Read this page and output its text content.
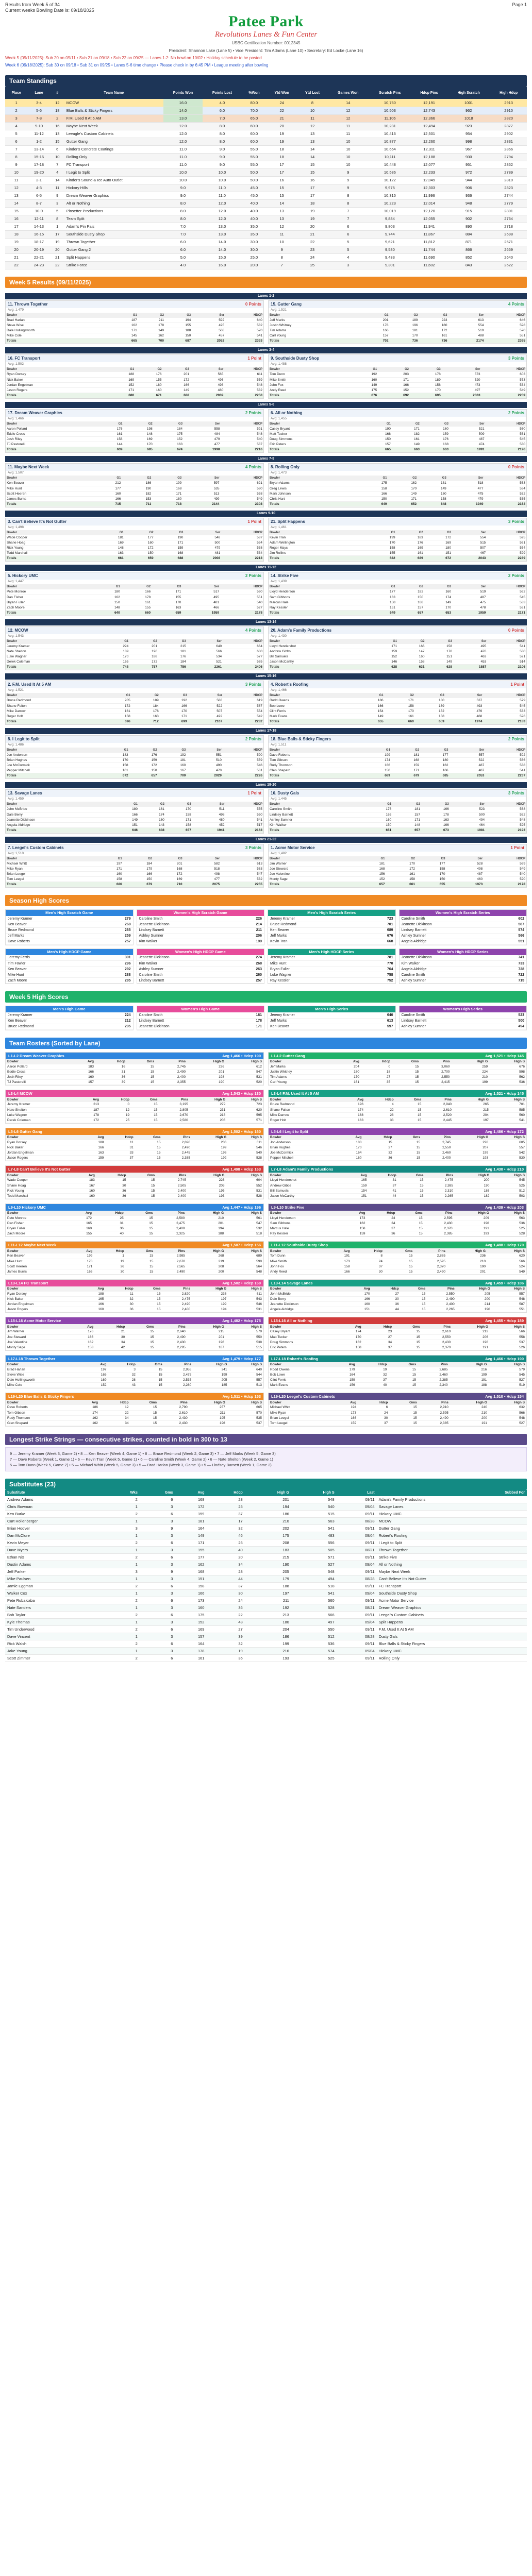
Results from Week 5 of 34
Current weeks Bowling Date is: 09/18/2025
Page 1
Patee Park
Revolutions Lanes & Fun Center
USBC Certification Number: 0012345
President: Shannon Lake (Lane 5) • Vice President: Tim Adams (Lane 10) • Secretary: Ed Locke (Lane 16)
Week 5 (09/11/2025): Sub 20 on 09/11 • Sub 21 on 09/18 • Sub 22 on 09/25 — Lanes 1-2: No bowl on 10/02 • Holiday schedule to be posted
Week 6 (09/18/2025): Sub 30 on 09/18 • Sub 31 on 09/25 • Lanes 5-6 time change • Please check in by 6:45 PM • League meeting after bowling
Team Standings
Place	Lane	#	Team Name	Points Won	Points Lost	%Won	Ytd Won	Ytd Lost	Games Won	Scratch Pins	Hdcp Pins	High Scratch	High Hdcp
1	3-4	12	MCOW	16.0	4.0	80.0	24	8	14	10,760	12,191	1001	2913
2	5-6	18	Blue Balls & Sticky Fingers	14.0	6.0	70.0	22	10	12	10,503	12,743	962	2910
3	7-8	2	F.M. Used It At 5 AM	13.0	7.0	65.0	21	11	12	11,106	12,366	1018	2820
4	9-10	16	Maybe Next Week	12.0	8.0	60.0	20	12	11	10,231	12,494	923	2877
5	11-12	13	Leeagle's Custom Cabinets	12.0	8.0	60.0	19	13	11	10,416	12,501	954	2902
6	1-2	15	Gutter Gang	12.0	8.0	60.0	19	13	10	10,877	12,260	998	2831
7	13-14	6	Kinder's Concrete Coatings	11.0	9.0	55.0	18	14	10	10,654	12,311	967	2866
8	15-16	10	Rolling Only	11.0	9.0	55.0	18	14	10	10,111	12,188	930	2794
9	17-18	7	FC Transport	11.0	9.0	55.0	17	15	10	10,448	12,077	951	2852
10	19-20	4	I Legit to Split	10.0	10.0	50.0	17	15	9	10,586	12,233	972	2789
11	2-1	14	Kinder's Sound & Ice Auto Outlet	10.0	10.0	50.0	16	16	9	10,122	12,049	944	2810
12	4-3	11	Hickory Hills	9.0	11.0	45.0	15	17	9	9,975	12,303	906	2823
13	6-5	9	Dream Weaver Graphics	9.0	11.0	45.0	15	17	8	10,315	11,996	936	2744
14	8-7	3	Alt or Nothing	8.0	12.0	40.0	14	18	8	10,223	12,014	948	2779
15	10-9	5	Pinsetter Productions	8.0	12.0	40.0	13	19	7	10,019	12,120	915	2801
16	12-11	8	Team Split	8.0	12.0	40.0	13	19	7	9,884	12,055	902	2764
17	14-13	1	Adam's Pin Pals	7.0	13.0	35.0	12	20	6	9,803	11,941	890	2718
18	16-15	17	Southside Dusty Shop	7.0	13.0	35.0	11	21	6	9,744	11,867	884	2698
19	18-17	19	Thrown Together	6.0	14.0	30.0	10	22	5	9,621	11,812	871	2671
20	20-19	20	Gutter Gang 2	6.0	14.0	30.0	9	23	5	9,580	11,744	866	2659
21	22-21	21	Split Happens	5.0	15.0	25.0	8	24	4	9,433	11,690	852	2640
22	24-23	22	Strike Force	4.0	16.0	20.0	7	25	3	9,301	11,602	843	2622
Week 5 Results (09/11/2025)
Lanes 1-2
11. Thrown Together	0 Points
Avg: 1,479
Bowler	G1	G2	G3	Ser	HDCP
Brad Harlan	187	211	194	592	640
Steve Wise	162	178	155	495	582
Dale Hollingsworth	171	149	188	508	570
Mike Cole	145	162	150	457	541
Totals	665	700	687	2052	2333
15. Gutter Gang	4 Points
Avg: 1,521
Bowler	G1	G2	G3	Ser	HDCP
Jeff Marks	201	189	223	613	646
Justin Whitney	178	196	180	554	598
Tim Adams	166	181	172	519	570
Carl Young	157	170	161	488	551
Totals	702	736	736	2174	2365
Lanes 3-4
16. FC Transport	1 Point
Avg: 1,502
Bowler	G1	G2	G3	Ser	HDCP
Ryan Dorsey	188	176	201	565	611
Nick Baker	169	155	172	496	559
Jordan Engelman	152	180	166	498	548
Jason Rogers	171	160	149	480	532
Totals	680	671	688	2039	2250
9. Southside Dusty Shop	3 Points
Avg: 1,488
Bowler	G1	G2	G3	Ser	HDCP
Tom Dunn	192	203	178	573	603
Mike Smith	160	171	189	520	573
John Fox	149	166	158	473	534
Andy Reed	175	152	170	497	549
Totals	676	692	695	2063	2259
Lanes 5-6
17. Dream Weaver Graphics	2 Points
Avg: 1,466
Bowler	G1	G2	G3	Ser	HDCP
Aaron Pollard	176	198	184	558	591
Eddie Cross	161	148	175	484	548
Josh Riley	158	169	152	479	540
TJ Pastorelli	144	170	163	477	537
Totals	639	685	674	1998	2216
6. All or Nothing	2 Points
Avg: 1,455
Bowler	G1	G2	G3	Ser	HDCP
Casey Bryant	190	171	160	521	560
Matt Tucker	168	182	159	509	561
Doug Simmons	150	161	176	487	545
Eric Peters	157	149	168	474	530
Totals	665	663	663	1991	2196
Lanes 7-8
11. Maybe Next Week	4 Points
Avg: 1,507
Bowler	G1	G2	G3	Ser	HDCP
Ken Beaver	212	186	199	597	621
Mike Hunt	177	190	168	535	580
Scott Heeren	160	182	171	513	558
James Burns	166	153	180	499	549
Totals	715	711	718	2144	2308
8. Rolling Only	0 Points
Avg: 1,473
Bowler	G1	G2	G3	Ser	HDCP
Bryan Adams	175	162	181	518	563
Greg Lewis	158	170	149	477	534
Mark Johnson	166	149	160	475	532
Chris Hart	150	171	158	479	535
Totals	649	652	648	1949	2164
Lanes 9-10
3. Can't Believe It's Not Gutter	1 Point
Avg: 1,498
Bowler	G1	G2	G3	Ser	HDCP
Wade Cooper	181	177	190	548	587
Shane Hoag	169	160	171	500	554
Rick Young	148	172	159	479	538
Todd Marshall	163	150	168	481	534
Totals	661	659	688	2008	2213
21. Split Happens	3 Points
Avg: 1,461
Bowler	G1	G2	G3	Ser	HDCP
Kevin Tran	199	183	172	554	595
Adam Wellington	170	176	169	515	561
Roger Mays	158	169	180	507	554
Jim Rollins	155	161	151	467	529
Totals	682	689	672	2043	2239
Lanes 11-12
5. Hickory UMC	2 Points
Avg: 1,447
Bowler	G1	G2	G3	Ser	HDCP
Pete Monroe	180	166	171	517	560
Dan Fisher	162	178	155	495	551
Bryan Fuller	150	161	170	481	540
Zach Moore	148	155	163	466	527
Totals	640	660	659	1959	2178
14. Strike Five	2 Points
Avg: 1,439
Bowler	G1	G2	G3	Ser	HDCP
Lloyd Henderson	177	182	160	519	562
Sam Gibbons	163	150	174	487	545
Marcus Hale	158	168	149	475	533
Ray Kessler	151	157	170	478	531
Totals	649	657	653	1959	2171
Lanes 13-14
12. MCOW	4 Points
Avg: 1,543
Bowler	G1	G2	G3	Ser	HDCP
Jeremy Kramer	224	201	215	640	664
Nate Shelton	189	196	181	566	600
Luke Wagner	170	188	176	534	577
Derek Coleman	165	172	184	521	565
Totals	748	757	756	2261	2406
20. Adam's Family Productions	0 Points
Avg: 1,430
Bowler	G1	G2	G3	Ser	HDCP
Lloyd Hendershot	171	166	158	495	541
Andrew Gibbs	159	147	170	476	530
Bill Samuels	152	160	151	463	521
Jason McCarthy	146	158	149	453	514
Totals	628	631	628	1887	2106
Lanes 15-16
2. F.M. Used It At 5 AM	3 Points
Avg: 1,521
Bowler	G1	G2	G3	Ser	HDCP
Bruce Redmond	205	189	192	586	619
Shane Fulton	172	184	166	522	567
Mike Darrow	161	176	170	507	554
Roger Holt	158	163	171	492	542
Totals	696	712	699	2107	2282
4. Robert's Roofing	1 Point
Avg: 1,466
Bowler	G1	G2	G3	Ser	HDCP
Rodd Owens	186	171	180	537	579
Bob Lowe	166	158	169	493	545
Clint Ferris	154	170	152	476	533
Mark Evans	149	161	158	468	526
Totals	655	660	659	1974	2183
Lanes 17-18
8. I Legit to Split	2 Points
Avg: 1,486
Bowler	G1	G2	G3	Ser	HDCP
Jon Anderson	183	176	192	551	590
Brian Hughes	170	159	181	510	559
Joe McCormick	158	172	160	490	546
Pepper Mitchell	161	150	167	478	531
Totals	672	657	700	2029	2226
18. Blue Balls & Sticky Fingers	2 Points
Avg: 1,511
Bowler	G1	G2	G3	Ser	HDCP
Dave Roberts	199	181	177	557	592
Tom Gibson	174	168	180	522	566
Rudy Thomson	166	159	162	487	538
Glen Shepard	150	171	166	487	541
Totals	689	679	685	2053	2237
Lanes 19-20
13. Savage Lanes	1 Point
Avg: 1,459
Bowler	G1	G2	G3	Ser	HDCP
John McBride	180	161	170	511	555
Dale Berry	166	174	158	498	550
Jeanette Dickinson	149	160	171	480	541
Angela Aldridge	151	143	158	452	517
Totals	646	638	657	1941	2163
10. Dusty Gals	3 Points
Avg: 1,445
Bowler	G1	G2	G3	Ser	HDCP
Caroline Smith	176	181	166	523	568
Lindsey Barnett	165	157	178	500	552
Ashley Sumner	160	171	163	494	548
Kim Walker	150	148	166	464	525
Totals	651	657	673	1981	2193
Lanes 21-22
7. Leegel's Custom Cabinets	3 Points
Avg: 1,510
Bowler	G1	G2	G3	Ser	HDCP
Michael Whitt	197	184	201	582	613
Mike Ryan	171	179	168	518	563
Brian Leegel	160	166	172	498	547
Tom Leegel	158	150	169	477	532
Totals	686	679	710	2075	2255
1. Acme Motor Service	1 Point
Avg: 1,482
Bowler	G1	G2	G3	Ser	HDCP
Jim Warner	181	170	177	528	569
Joe Steward	168	172	158	498	549
Joe Valentine	156	161	170	487	540
Monty Sage	152	158	150	460	520
Totals	657	661	655	1973	2178
Season High Scores
Men's High Scratch Game
Jeremy Kramer	279
Ken Beaver	268
Bruce Redmond	265
Jeff Marks	259
Dave Roberts	257
Women's High Scratch Game
Caroline Smith	226
Jeanette Dickinson	214
Lindsey Barnett	211
Ashley Sumner	206
Kim Walker	199
Men's High Scratch Series
Jeremy Kramer	723
Bruce Redmond	701
Ken Beaver	689
Jeff Marks	676
Kevin Tran	668
Women's High Scratch Series
Caroline Smith	602
Jeanette Dickinson	587
Lindsey Barnett	574
Ashley Sumner	566
Angela Aldridge	551
Men's High HDCP Game
Jeremy Ferris	301
Tim Fowler	296
Ken Beaver	292
Mike Hunt	288
Zach Moore	285
Women's High HDCP Game
Jeanette Dickinson	274
Kim Walker	268
Ashley Sumner	263
Caroline Smith	260
Lindsey Barnett	257
Men's High HDCP Series
Jeremy Kramer	781
Mike Hunt	770
Bryan Fuller	764
Luke Wagner	758
Ray Kessler	752
Women's High HDCP Series
Jeanette Dickinson	741
Kim Walker	733
Angela Aldridge	728
Caroline Smith	722
Ashley Sumner	715
Week 5 High Scores
Men's High Game
Jeremy Kramer	224
Ken Beaver	212
Bruce Redmond	205
Women's High Game
Caroline Smith	181
Lindsey Barnett	178
Jeanette Dickinson	171
Men's High Series
Jeremy Kramer	640
Jeff Marks	613
Ken Beaver	597
Women's High Series
Caroline Smith	523
Lindsey Barnett	500
Ashley Sumner	494
Team Rosters (Sorted by Lane)
L1-L2 Dream Weaver Graphics	Avg 1,466 • Hdcp 190
Bowler	Avg	Hdcp	Gms	Pins	High G	High S
Aaron Pollard	183	16	15	2,745	226	612
Eddie Cross	166	31	15	2,490	201	547
Josh Riley	160	36	15	2,400	198	531
TJ Pastorelli	157	39	15	2,355	190	520
L1-L2 Gutter Gang	Avg 1,521 • Hdcp 145
Bowler	Avg	Hdcp	Gms	Pins	High G	High S
Jeff Marks	204	0	15	3,060	259	676
Justin Whitney	180	18	15	2,700	224	598
Tim Adams	170	27	15	2,550	210	562
Carl Young	161	35	15	2,415	199	536
L3-L4 MCOW	Avg 1,543 • Hdcp 130
Bowler	Avg	Hdcp	Gms	Pins	High G	High S
Jeremy Kramer	213	0	15	3,195	279	723
Nate Shelton	187	12	15	2,805	231	620
Luke Wagner	178	19	15	2,670	218	595
Derek Coleman	172	25	15	2,580	206	571
L3-L4 F.M. Used It At 5 AM	Avg 1,521 • Hdcp 145
Bowler	Avg	Hdcp	Gms	Pins	High G	High S
Bruce Redmond	196	4	15	2,940	265	701
Shane Fulton	174	22	15	2,610	215	585
Mike Darrow	168	28	15	2,520	204	560
Roger Holt	163	33	15	2,445	197	541
L5-L6 Gutter Gang	Avg 1,502 • Hdcp 160
Bowler	Avg	Hdcp	Gms	Pins	High G	High S
Ryan Dorsey	188	11	15	2,820	236	611
Nick Baker	166	31	15	2,490	199	546
Jordan Engelman	163	33	15	2,445	196	540
Jason Rogers	159	37	15	2,385	192	528
L5-L6 I Legit to Split	Avg 1,486 • Hdcp 172
Bowler	Avg	Hdcp	Gms	Pins	High G	High S
Jon Anderson	183	15	15	2,745	228	605
Brian Hughes	170	27	15	2,550	207	557
Joe McCormick	164	32	15	2,460	199	542
Pepper Mitchell	160	36	15	2,400	193	530
L7-L8 Can't Believe It's Not Gutter	Avg 1,498 • Hdcp 163
Bowler	Avg	Hdcp	Gms	Pins	High G	High S
Wade Cooper	183	15	15	2,745	226	604
Shane Hoag	167	30	15	2,505	203	552
Rick Young	160	36	15	2,400	195	531
Todd Marshall	160	36	15	2,400	193	528
L7-L8 Adam's Family Productions	Avg 1,430 • Hdcp 210
Bowler	Avg	Hdcp	Gms	Pins	High G	High S
Lloyd Hendershot	165	31	15	2,475	200	545
Andrew Gibbs	159	37	15	2,385	190	525
Bill Samuels	154	41	15	2,310	186	512
Jason McCarthy	151	44	15	2,265	182	503
L9-L10 Hickory UMC	Avg 1,447 • Hdcp 196
Bowler	Avg	Hdcp	Gms	Pins	High G	High S
Pete Monroe	172	25	15	2,580	210	561
Dan Fisher	165	31	15	2,475	201	547
Bryan Fuller	160	36	15	2,400	194	532
Zach Moore	155	40	15	2,325	188	518
L9-L10 Strike Five	Avg 1,439 • Hdcp 203
Bowler	Avg	Hdcp	Gms	Pins	High G	High S
Lloyd Henderson	173	24	15	2,595	209	563
Sam Gibbons	162	34	15	2,430	196	536
Marcus Hale	158	37	15	2,370	191	525
Ray Kessler	159	36	15	2,385	193	528
L11-L12 Maybe Next Week	Avg 1,507 • Hdcp 156
Bowler	Avg	Hdcp	Gms	Pins	High G	High S
Ken Beaver	199	1	15	2,985	268	689
Mike Hunt	178	19	15	2,670	219	590
Scott Heeren	171	26	15	2,565	208	564
James Burns	166	30	15	2,490	200	548
L11-L12 Southside Dusty Shop	Avg 1,488 • Hdcp 170
Bowler	Avg	Hdcp	Gms	Pins	High G	High S
Tom Dunn	191	8	15	2,865	236	620
Mike Smith	173	24	15	2,595	210	566
John Fox	158	37	15	2,370	190	524
Andy Reed	166	30	15	2,490	201	549
L13-L14 FC Transport	Avg 1,502 • Hdcp 160
Bowler	Avg	Hdcp	Gms	Pins	High G	High S
Ryan Dorsey	188	11	15	2,820	236	611
Nick Baker	165	32	15	2,475	197	543
Jordan Engelman	166	30	15	2,490	199	546
Jason Rogers	160	36	15	2,400	194	531
L13-L14 Savage Lanes	Avg 1,459 • Hdcp 186
Bowler	Avg	Hdcp	Gms	Pins	High G	High S
John McBride	170	27	15	2,550	205	557
Dale Berry	166	30	15	2,490	200	548
Jeanette Dickinson	160	36	15	2,400	214	587
Angela Aldridge	151	44	15	2,265	190	551
L15-L16 Acme Motor Service	Avg 1,482 • Hdcp 175
Bowler	Avg	Hdcp	Gms	Pins	High G	High S
Jim Warner	176	21	15	2,640	215	579
Joe Steward	166	30	15	2,490	201	550
Joe Valentine	162	34	15	2,430	196	538
Monty Sage	153	42	15	2,295	187	515
L15-L16 All or Nothing	Avg 1,455 • Hdcp 189
Bowler	Avg	Hdcp	Gms	Pins	High G	High S
Casey Bryant	174	23	15	2,610	212	566
Matt Tucker	170	27	15	2,550	206	558
Doug Simmons	162	34	15	2,430	196	537
Eric Peters	158	37	15	2,370	191	526
L17-L18 Thrown Together	Avg 1,479 • Hdcp 177
Bowler	Avg	Hdcp	Gms	Pins	High G	High S
Brad Harlan	197	3	15	2,955	241	640
Steve Wise	165	32	15	2,475	199	544
Dale Hollingsworth	169	28	15	2,535	205	557
Mike Cole	152	43	15	2,280	185	513
L17-L18 Robert's Roofing	Avg 1,466 • Hdcp 190
Bowler	Avg	Hdcp	Gms	Pins	High G	High S
Rodd Owens	179	19	15	2,685	216	579
Bob Lowe	164	32	15	2,460	199	545
Clint Ferris	159	37	15	2,385	191	527
Mark Evans	156	40	15	2,340	188	519
L19-L20 Blue Balls & Sticky Fingers	Avg 1,511 • Hdcp 153
Bowler	Avg	Hdcp	Gms	Pins	High G	High S
Dave Roberts	186	12	15	2,790	257	665
Tom Gibson	174	22	15	2,610	211	570
Rudy Thomson	162	34	15	2,430	195	535
Glen Shepard	162	34	15	2,430	196	537
L19-L20 Leegel's Custom Cabinets	Avg 1,510 • Hdcp 154
Bowler	Avg	Hdcp	Gms	Pins	High G	High S
Michael Whitt	194	6	15	2,910	240	632
Mike Ryan	173	24	15	2,595	210	566
Brian Leegel	166	30	15	2,490	200	548
Tom Leegel	159	37	15	2,385	191	527
Longest Strike Strings — consecutive strikes, counted in bold in 300 to 13
9 — Jeremy Kramer (Week 3, Game 2) • 8 — Ken Beaver (Week 4, Game 1) • 8 — Bruce Redmond (Week 2, Game 3) • 7 — Jeff Marks (Week 5, Game 3)
7 — Dave Roberts (Week 1, Game 1) • 6 — Kevin Tran (Week 5, Game 1) • 6 — Caroline Smith (Week 4, Game 2) • 6 — Nate Shelton (Week 2, Game 1)
5 — Tom Dunn (Week 5, Game 2) • 5 — Michael Whitt (Week 5, Game 3) • 5 — Brad Harlan (Week 3, Game 1) • 5 — Lindsey Barnett (Week 1, Game 2)
Substitutes (23)
Substitute	Wks	Gms	Avg	Hdcp	High G	High S	Last	Subbed For
Andrew Adams	2	6	168	28	201	548	09/11	Adam's Family Productions
Chris Bowman	1	3	172	25	194	540	09/04	Savage Lanes
Ken Burke	2	6	159	37	186	515	09/11	Hickory UMC
Curt Hollenberger	1	3	181	17	210	563	08/28	MCOW
Brian Hoover	3	9	164	32	202	541	09/11	Gutter Gang
Dan McClure	1	3	149	46	175	483	09/04	Robert's Roofing
Kevin Meyer	2	6	171	26	208	556	09/11	I Legit to Split
Dave Myers	1	3	155	40	183	505	08/21	Thrown Together
Ethan Nix	2	6	177	20	215	571	09/11	Strike Five
Dustin Adams	1	3	162	34	190	527	09/04	All or Nothing
Jeff Parker	3	9	168	28	205	548	09/11	Maybe Next Week
Mike Paulsen	1	3	151	44	179	494	08/28	Can't Believe It's Not Gutter
Jamie Eggman	2	6	158	37	188	518	09/11	FC Transport
Walker Cox	1	3	166	30	197	541	09/04	Southside Dusty Shop
Pete Rubalcaba	2	6	173	24	211	560	09/11	Acme Motor Service
Nate Sanders	1	3	160	36	192	528	08/21	Dream Weaver Graphics
Bob Taylor	2	6	175	22	213	566	09/11	Leegel's Custom Cabinets
Kyle Thomas	1	3	152	43	180	497	09/04	Split Happens
Tim Underwood	2	6	169	27	204	550	09/11	F.M. Used It At 5 AM
Dave Vincent	1	3	157	39	186	512	08/28	Dusty Gals
Rick Walsh	2	6	164	32	199	536	09/11	Blue Balls & Sticky Fingers
Jake Young	1	3	178	19	216	574	09/04	Hickory UMC
Scott Zimmer	2	6	161	35	193	525	09/11	Rolling Only
